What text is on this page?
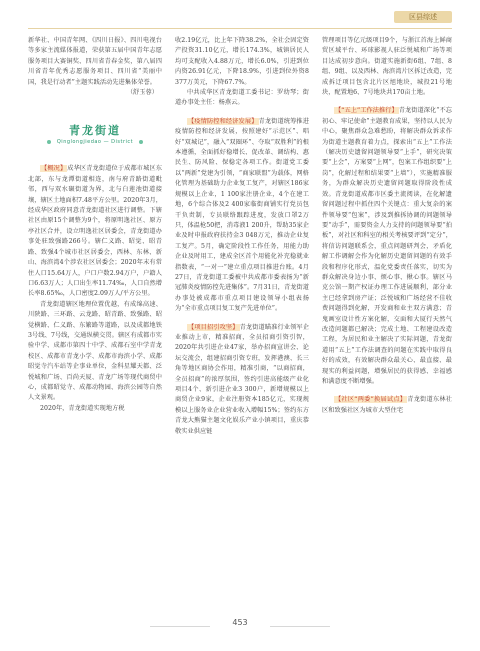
区县综述

新华社、中国青年网、《四川日报》、四川电视台等多家主流媒体报道，荣获第五届中国青年志愿服务项目大赛铜奖、四川省青春金奖，第八届四川省青年优秀志愿服务项目、四川省“美丽中国，我是行动者”主题实践活动先进集体荣誉。

（舒玉蓉）

青龙街道
Qinglongjiedao — District

【概况】成华区青龙街道位于成都市城区东北部，东与龙潭街道相连，南与府青路街道毗邻，西与双水碾街道为界，北与白莲池街道接壤，辖区土地面积7.48平方公里。2020年3月，经成华区政府同意青龙街道社区进行调整。下辖社区由原15个调整为9个，将原明逸社区、原方亭社区合并，设立明逸社区居委会，青龙街道办事处驻致强路266号。辖仁义路、昭觉、昭青路、致强4个城市社区居委会，西林、东林、新山、海滨湾4个涉农社区居委会；2020年末有常住人口15.64万人，户口户数2.94万户，户籍人口6.63万人；人口出生率11.74‰，人口自然增长率8.65‰，人口密度2.09万人/平方公里。

青龙街道辖区地理位置优越，有成绵高速、川陕路、三环路、云龙路、昭青路、致强路、昭觉横路、仁义路、东繁路等道路，以及成都地铁3号线、7号线，交通纵横交贯。辖区有成都市实验中学、成都市第四十中学、成都石室中学青龙校区、成都市青龙小学、成都市海滨小学、成都昭觉寺汽车站等企事业单位，金科星耀天都、泛悦城和广场、百尚天厦、青龙广场等现代商贸中心，成都昭觉寺、成都动物园、海滨公园等自然人文景观。

2020年，青龙街道实现地方税

收2.19亿元，比上年下降38.2%，全社会固定资产投资31.10亿元，增长174.3%，城镇居民人均可支配收入4.88万元，增长6.0%，引进到位内资26.91亿元，下降18.9%，引进到位外资8 377万美元，下降67.7%。

中共成华区青龙街道工委书记：罗幼琴；街道办事处主任：杨燕云。

【疫情防控和经济发展】青龙街道统筹推进疫情防控和经济发展，按照建好“示范区”、唱好“双城记”，融入“双圈环”、夺取“双胜利”的根本遵循，全面抓好稳增长、促改革、调结构、惠民生、防风险、保稳定各项工作。街道党工委以“两新”党建为引领，“商家联盟”为载体，网格化管理为基础助力企业复工复产，对辖区186家规模以上企业，1 100家注册企业，4个在建工地，6个综合体及2 400家临街商铺实行党员包干负责制，专员联络跟踪进度，发放口罩2万只，体温枪50把，消毒液1 200升，帮助35家企业及时申报政府扶持金3 048万元，推动企业复工复产。5月，确定阶段性工作任务，用能力助企业及时用工，建成全区首个用能化补充稳就业指数表，“一对一”建立重点项目推进台账。4月27日，青龙街道工委被中共成都市委表扬为“新冠肺炎疫情防控先进集体”。7月31日，青龙街道办事处被成都市重点项目建设领导小组表扬为“全市重点项目复工复产先进单位”。

【项目招引攻坚】青龙街道瞄准行业领军企业推动上市，精准招商，全员招商引资引智，2020年共引进企业47家，举办招商宣讲会、论坛交流会，组建招商引资专班，发挥港澳、长三角等地区商协会作用，精准引商，“以商招商，全员招商”的浓厚氛围，签约引进高能级产业化项目4个、新引进企业3 300户，新增规模以上商贸企业9家，企业注册资本185亿元，实现规模以上服务业企业营业收入增幅15%；签约东方青龙大熊猫主题文化娱乐产业小镇项目，重庆恭敬实业供应链

管理项目等亿元级项目9个，与浙江首海上鲜商贸区域平台、环球影视人驻泛悦城和广场等项目达成初步意向。街道实施新街6组、7组、8组、9组、以及西林、海滨湾片区拆迁改造，完成拆迁项目包含北片区旭地块，城投21号地块，配置地6、7号地块共170亩土地。

【“五上”工作法推行】青龙街道深化“不忘初心、牢记使命”主题教育成果，坚持以人民为中心，聚焦群众急难愁盼，将解决群众诉求作为街道主题教育着力点，探索出“五上”工作法（解决历史遗留问题领导要“上手”，研究决策要“上会”，方案要“上网”，包案工作组织要“上岗”，化解过程和结果要“上墙”），实施精准服务，为群众解决历史遗留问题取得阶段性成效。青龙街道成都市区委主流阅读，在化解遗留问题过程中抓住四个关键点：重大复杂的案件领导要“包案”，涉及到推拆协调的问题领导要“动手”，需要资金人力支持的问题领导要“拍板”，对社区和科室的相关考核要评到“定分”，将信访问题联系会，重点问题研判会，矛盾化解工作调解会作为化解历史遗留问题的有效手段和程序化形式，温化党委责任落实，切实为群众解决身边小事、烦心事、揪心事。辖区马克公馆一期产权证办理工作进展顺利，部分业主已经拿到房产证；泛悦城和广场经营不佳收费问题得到化解，开发商和业主双方满意；青鬼画室设计性方案化解，交面和大厦行天然气改造问题都已解决；完成土地、工程建设改造工程，为居民和业主解决了实际问题，青龙街道用“五上”工作法调查的问题在实践中取得良好的成效，有效解决群众最关心、最直接、最现实的利益问题，增强居民的获得感、幸福感和满意度不断增强。

【社区“两委”换届试点】青龙街道东林社区和致强社区为城市大型住宅

453
